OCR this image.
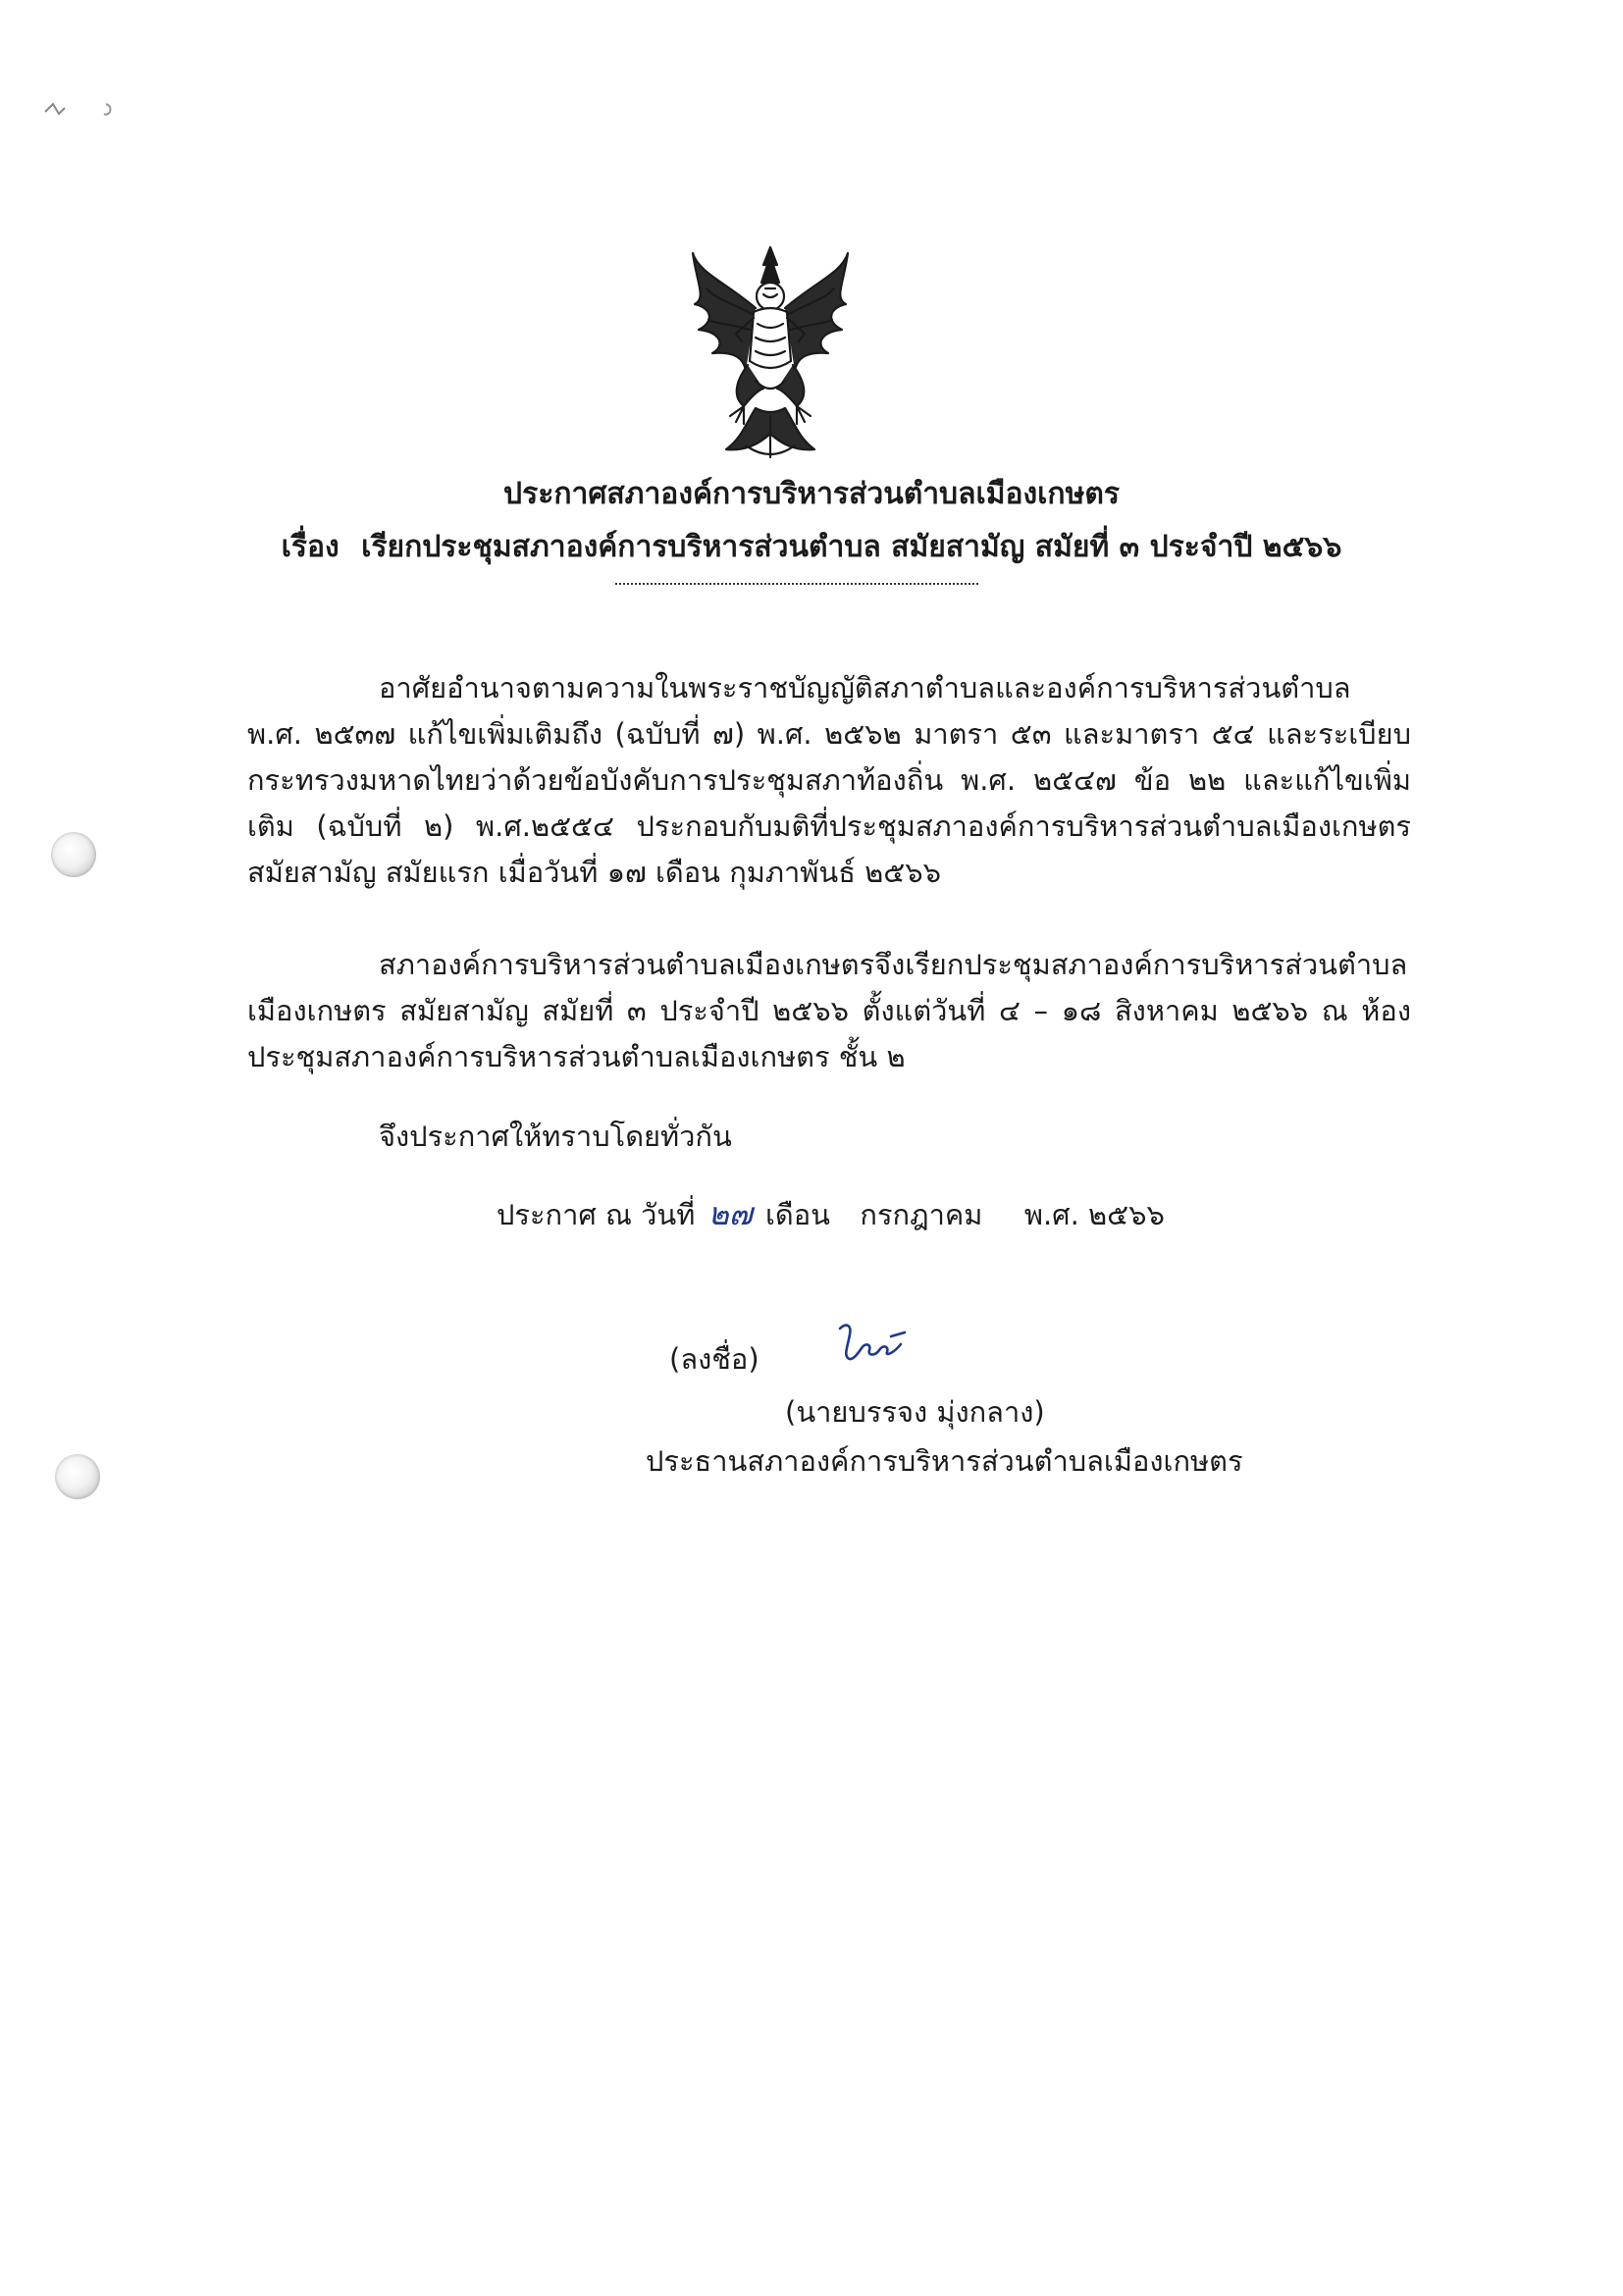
ประกาศสภาองค์การบริหารส่วนตำบลเมืองเกษตร
เรื่อง เรียกประชุมสภาองค์การบริหารส่วนตำบล สมัยสามัญ สมัยที่ ๓ ประจำปี ๒๕๖๖
อาศัยอำนาจตามความในพระราชบัญญัติสภาตำบลและองค์การบริหารส่วนตำบล พ.ศ. ๒๕๓๗ แก้ไขเพิ่มเติมถึง (ฉบับที่ ๗) พ.ศ. ๒๕๖๒ มาตรา ๕๓ และมาตรา ๕๔ และระเบียบกระทรวงมหาดไทยว่าด้วยข้อบังคับการประชุมสภาท้องถิ่น พ.ศ. ๒๕๔๗ ข้อ ๒๒ และแก้ไขเพิ่มเติม (ฉบับที่ ๒) พ.ศ.๒๕๕๔ ประกอบกับมติที่ประชุมสภาองค์การบริหารส่วนตำบลเมืองเกษตร สมัยสามัญ สมัยแรก เมื่อวันที่ ๑๗ เดือน กุมภาพันธ์ ๒๕๖๖
สภาองค์การบริหารส่วนตำบลเมืองเกษตรจึงเรียกประชุมสภาองค์การบริหารส่วนตำบลเมืองเกษตร สมัยสามัญ สมัยที่ ๓ ประจำปี ๒๕๖๖ ตั้งแต่วันที่ ๔ – ๑๘ สิงหาคม ๒๕๖๖ ณ ห้องประชุมสภาองค์การบริหารส่วนตำบลเมืองเกษตร ชั้น ๒
จึงประกาศให้ทราบโดยทั่วกัน
ประกาศ ณ วันที่ ๒๗ เดือน กรกฎาคม พ.ศ. ๒๕๖๖
(ลงชื่อ)
(นายบรรจง มุ่งกลาง)
ประธานสภาองค์การบริหารส่วนตำบลเมืองเกษตร
